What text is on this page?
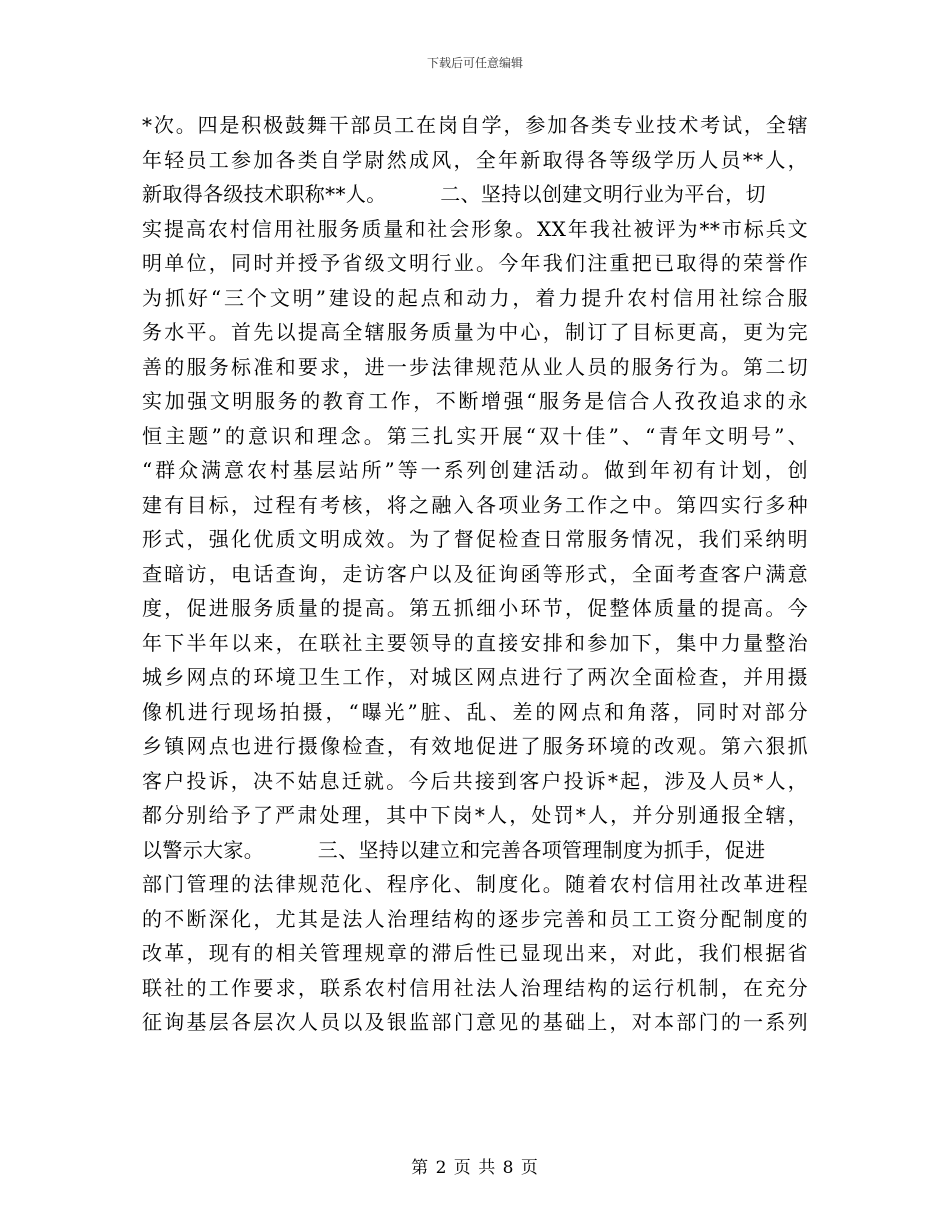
下载后可任意编辑
*次。四是积极鼓舞干部员工在岗自学，参加各类专业技术考试，全辖
年轻员工参加各类自学尉然成风，全年新取得各等级学历人员**人，
新取得各级技术职称**人。        二、坚持以创建文明行业为平台，切
实提高农村信用社服务质量和社会形象。XX年我社被评为**市标兵文
明单位，同时并授予省级文明行业。今年我们注重把已取得的荣誉作
为抓好“三个文明”建设的起点和动力，着力提升农村信用社综合服
务水平。首先以提高全辖服务质量为中心，制订了目标更高，更为完
善的服务标准和要求，进一步法律规范从业人员的服务行为。第二切
实加强文明服务的教育工作，不断增强“服务是信合人孜孜追求的永
恒主题”的意识和理念。第三扎实开展“双十佳”、“青年文明号”、
“群众满意农村基层站所”等一系列创建活动。做到年初有计划，创
建有目标，过程有考核，将之融入各项业务工作之中。第四实行多种
形式，强化优质文明成效。为了督促检查日常服务情况，我们采纳明
查暗访，电话查询，走访客户以及征询函等形式，全面考查客户满意
度，促进服务质量的提高。第五抓细小环节，促整体质量的提高。今
年下半年以来，在联社主要领导的直接安排和参加下，集中力量整治
城乡网点的环境卫生工作，对城区网点进行了两次全面检查，并用摄
像机进行现场拍摄，“曝光”脏、乱、差的网点和角落，同时对部分
乡镇网点也进行摄像检查，有效地促进了服务环境的改观。第六狠抓
客户投诉，决不姑息迁就。今后共接到客户投诉*起，涉及人员*人，
都分别给予了严肃处理，其中下岗*人，处罚*人，并分别通报全辖，
以警示大家。        三、坚持以建立和完善各项管理制度为抓手，促进
部门管理的法律规范化、程序化、制度化。随着农村信用社改革进程
的不断深化，尤其是法人治理结构的逐步完善和员工工资分配制度的
改革，现有的相关管理规章的滞后性已显现出来，对此，我们根据省
联社的工作要求，联系农村信用社法人治理结构的运行机制，在充分
征询基层各层次人员以及银监部门意见的基础上，对本部门的一系列
第 2 页 共 8 页
